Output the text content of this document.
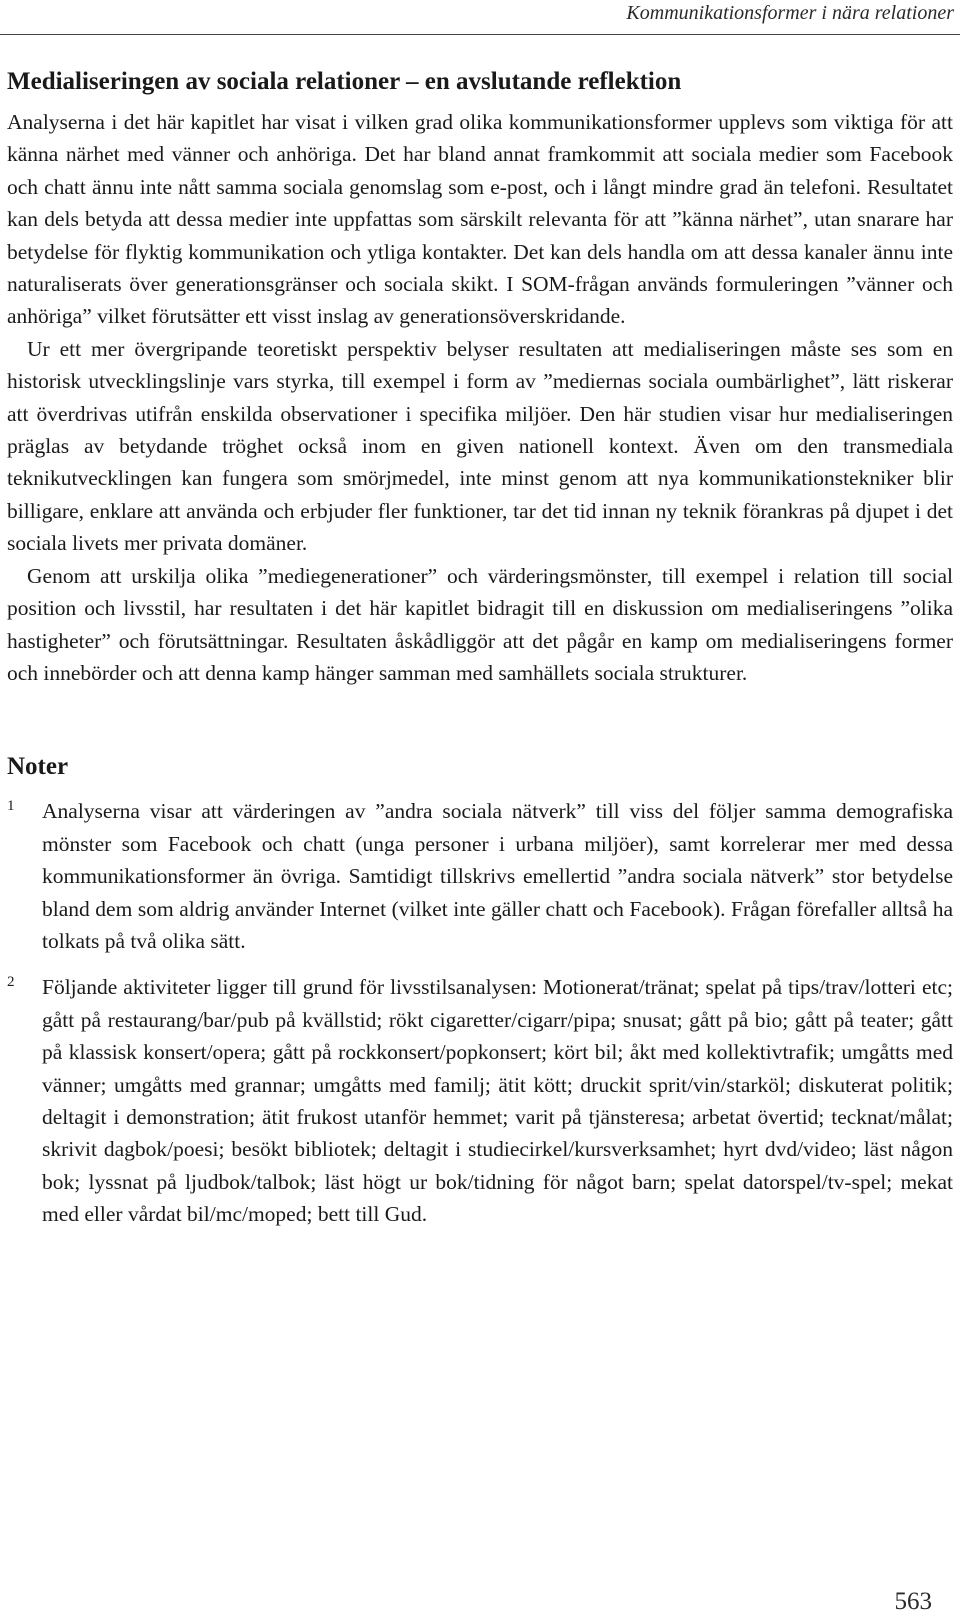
Kommunikationsformer i nära relationer
Medialiseringen av sociala relationer – en avslutande reflektion

Analyserna i det här kapitlet har visat i vilken grad olika kommunikationsformer upplevs som viktiga för att känna närhet med vänner och anhöriga. Det har bland annat framkommit att sociala medier som Facebook och chatt ännu inte nått samma sociala genomslag som e-post, och i långt mindre grad än telefoni. Resultatet kan dels betyda att dessa medier inte uppfattas som särskilt relevanta för att ”känna närhet”, utan snarare har betydelse för flyktig kommunikation och ytliga kontakter. Det kan dels handla om att dessa kanaler ännu inte naturaliserats över generationsgränser och sociala skikt. I SOM-frågan används formuleringen ”vänner och anhöriga” vilket förutsätter ett visst inslag av generationsöverskridande.

Ur ett mer övergripande teoretiskt perspektiv belyser resultaten att medialiseringen måste ses som en historisk utvecklingslinje vars styrka, till exempel i form av ”mediernas sociala oumbärlighet”, lätt riskerar att överdrivas utifrån enskilda observationer i specifika miljöer. Den här studien visar hur medialiseringen präglas av betydande tröghet också inom en given nationell kontext. Även om den transmediala teknikutvecklingen kan fungera som smörjmedel, inte minst genom att nya kommunikationstekniker blir billigare, enklare att använda och erbjuder fler funktioner, tar det tid innan ny teknik förankras på djupet i det sociala livets mer privata domäner.

Genom att urskilja olika ”mediegenerationer” och värderingsmönster, till exempel i relation till social position och livsstil, har resultaten i det här kapitlet bidragit till en diskussion om medialiseringens ”olika hastigheter” och förutsättningar. Resultaten åskådliggör att det pågår en kamp om medialiseringens former och innebörder och att denna kamp hänger samman med samhällets sociala strukturer.

Noter
1 Analyserna visar att värderingen av ”andra sociala nätverk” till viss del följer samma demografiska mönster som Facebook och chatt (unga personer i urbana miljöer), samt korrelerar mer med dessa kommunikationsformer än övriga. Samtidigt tillskrivs emellertid ”andra sociala nätverk” stor betydelse bland dem som aldrig använder Internet (vilket inte gäller chatt och Facebook). Frågan förefaller alltså ha tolkats på två olika sätt.

2 Följande aktiviteter ligger till grund för livsstilsanalysen: Motionerat/tränat; spelat på tips/trav/lotteri etc; gått på restaurang/bar/pub på kvällstid; rökt cigaretter/cigarr/pipa; snusat; gått på bio; gått på teater; gått på klassisk konsert/opera; gått på rockkonsert/popkonsert; kört bil; åkt med kollektivtrafik; umgåtts med vänner; umgåtts med grannar; umgåtts med familj; ätit kött; druckit sprit/vin/starköl; diskuterat politik; deltagit i demonstration; ätit frukost utanför hemmet; varit på tjänsteresa; arbetat övertid; tecknat/målat; skrivit dagbok/poesi; besökt bibliotek; deltagit i studiecirkel/kursverksamhet; hyrt dvd/video; läst någon bok; lyssnat på ljudbok/talbok; läst högt ur bok/tidning för något barn; spelat datorspel/tv-spel; mekat med eller vårdat bil/mc/moped; bett till Gud.

563
